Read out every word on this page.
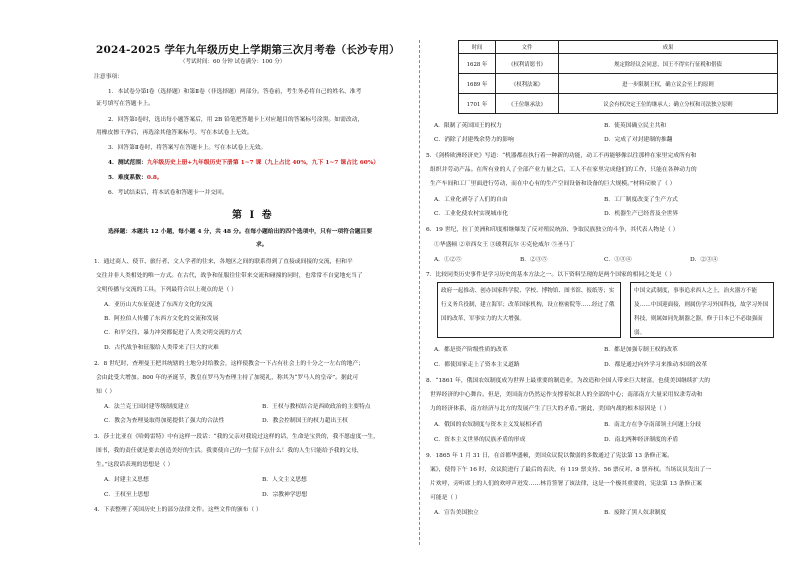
2024-2025 学年九年级历史上学期第三次月考卷（长沙专用）
（考试时间：60 分钟 试卷满分：100 分）
注意事项：
1．本试卷分第Ⅰ卷（选择题）和第Ⅱ卷（非选择题）两部分。答卷前，考生务必将自己的姓名、准考
证号填写在答题卡上。
2．回答第Ⅰ卷时，选出每小题答案后，用 2B 铅笔把答题卡上对应题目的答案标号涂黑。如需改动，
用橡皮擦干净后，再选涂其他答案标号。写在本试卷上无效。
3．回答第Ⅱ卷时，将答案写在答题卡上。写在本试卷上无效。
4．测试范围：九年级历史上册+九年级历史下册第 1~7 课（九上占比 40%，九下 1~7 课占比 60%）
5．难度系数：0.8。
6．考试结束后，将本试卷和答题卡一并交回。
第 Ⅰ 卷
选择题：本题共 12 小题，每小题 4 分，共 48 分。在每小题给出的四个选项中，只有一项符合题目要
求。
1．通过商人、使节、旅行者、文人学者的往来，各地区之间的联系得到了直接或间接的交流，但和平
交往并非人类相处的唯一方式。在古代，战争和征服往往带来交流和碰撞的同时，也常常不自觉地充当了
文明传播与交流的工具。下列最符合以上观点的是（ ）
A．亚历山大东征促进了东西方文化的交流
B．阿拉伯人传播了东西方文化的交流和发展
C．和平交往、暴力冲突都促进了人类文明交流的方式
D．古代战争和征服给人类带来了巨大的灾难
2．8 世纪时，查理曼王把其统辖的土地分封给教会，这样使教会一下占有社会上的十分之一左右的地产；
会由此受大增加。800 年的圣诞节，教皇在罗马为查理主持了加冕礼，称其为“罗马人的皇帝”。据此可
知（ ）
A．法兰克王国封建等级制度建立	B．王权与教权结合是西欧政治的主要特点
C．教会为查理曼取得加冕提供了强大的合法性	D．教会控制国王的权力超出王权
3．莎士比亚在《哈姆雷特》中有这样一段话：“我的父亲对我说过这样的话，生命是宝贵的，我不愿虚度一生，
图书，我的责任就是要去创造美好的生活。我要使自己的一生留下点什么！我的人生只能给予我的父母，
生。”这段话表现的思想是（ ）
A．封建主义思想	B．人文主义思想
C．王权至上思想	D．宗教神学思想
4．下表整理了英国历史上的部分法律文件。这些文件的颁布（ ）
时间	文件	成果
1628 年	《权利请愿书》	规定除经议会同意，国王不得实行征税和借债
1689 年	《权利法案》	进一步限制王权，确立议会至上的原则
1701 年	《王位继承法》	议会有权决定王位的继承人；确立分权和司法独立原则
A．限制了英国国王的权力	B．使英国确立民主共和
C．消除了封建残余势力的影响	D．完成了对封建制的推翻
5．《剑桥欧洲经济史》写道：“机器都在执行着一种新的功能，动工不再能够像以往那样在家里完成所有和
组织并劳动产品。在所有业的人了全部产业力量之后，工人不在家里完成他们的工作，只能在各种动力的
生产车间和工厂里面进行劳动，而在中心有的生产空间设备和设备的巨大规模。”材料反映了（ ）
A．工业化剥夺了人们的自由	B．工厂制度改变了生产方式
C．工业化使农村实现城市化	D．机器生产已经普及全世界
6．19 世纪，拉丁美洲和印度相继爆发了反对殖民统治、争取民族独立的斗争，其代表人物是（ ）
①华盛顿 ②章西女王 ③玻利瓦尔 ④克伦威尔 ⑤圣马丁
A．①②⑤	B．②③⑤	C．①③④	D．②③④
7．比较同类历史事件是学习历史的基本方法之一。以下资料呈现的是两个国家的相同之处是（ ）
政府一起推动、创办国家科学院、学校、博物馆、图书馆、报纸等；实行义务兵役制，建立海军；改革国家机构，设立枢密院等……经过了俄国的改革，军事实力的大大增强。
中国文武制度，事事追求西人之上，治火器方不能及……中国迎面接，则属仿学习外国科技，故学习外国科技，则属如同先制器之器，修于日本已不必取强而弱。
A．都是资产阶级性质的改革	B．都是加强专制王权的改革
C．都使国家走上了资本主义道路	D．都是通过向外学习来推动本国的改革
8．“1861 年，俄国农奴制度成为世界上最重要的制造业，为改造和全国人带来巨大财富，也使美国继续扩大的
世界经济的中心舞台。但是，美国南方仍然运作支撑着奴隶人的全部的中心；南部南方大量采用奴隶劳动和
力的经济体系，南方经济与北方的发展产生了巨大的矛盾。”据此，美国内战的根本原因是（ ）
A．俄国的农奴制度与资本主义发展相矛盾	B．南北方在争夺南部领土问题上分歧
C．资本主义世界的民族矛盾的形成	D．南北两种经济制度的矛盾
9．1865 年 1 月 31 日，在首都华盛顿，美国众议院以微弱的多数通过了宪法第 13 条修正案。
案》，使得下午 16 时，众议院进行了最后的表决，有 119 票支持、56 票反对、8 票弃权。当场议员发出了一
片欢呼，旁听席上的人们的欢呼声迸发……林肯签署了该法律，这是一个极其重要的，宪法第 13 条修正案
可能是（ ）
A．宣告美国独立	B．废除了黑人奴隶制度
